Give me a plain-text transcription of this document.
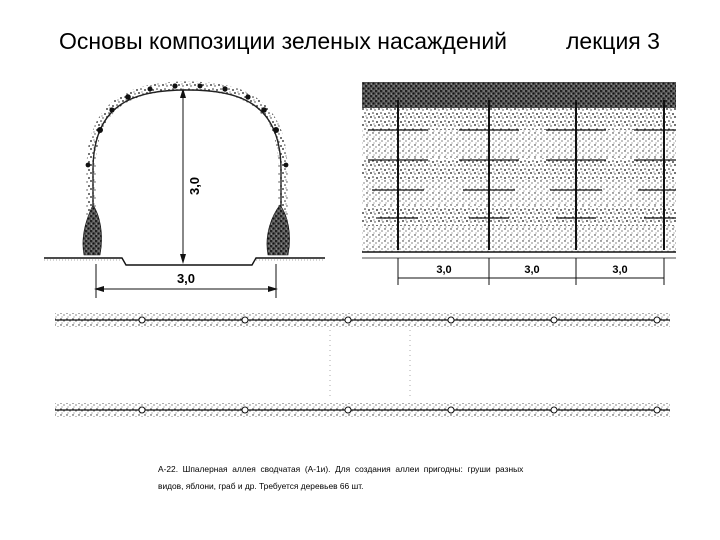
Основы композиции зеленых насаждений

	лекция 3

3,0
3,0
3,0	3,0	3,0
А-22.  Шпалерная  аллея  сводчатая  (А-1и).  Для  создания  аллеи  пригодны:  груши  разных
видов, яблони, граб и др. Требуется деревьев 66 шт.
